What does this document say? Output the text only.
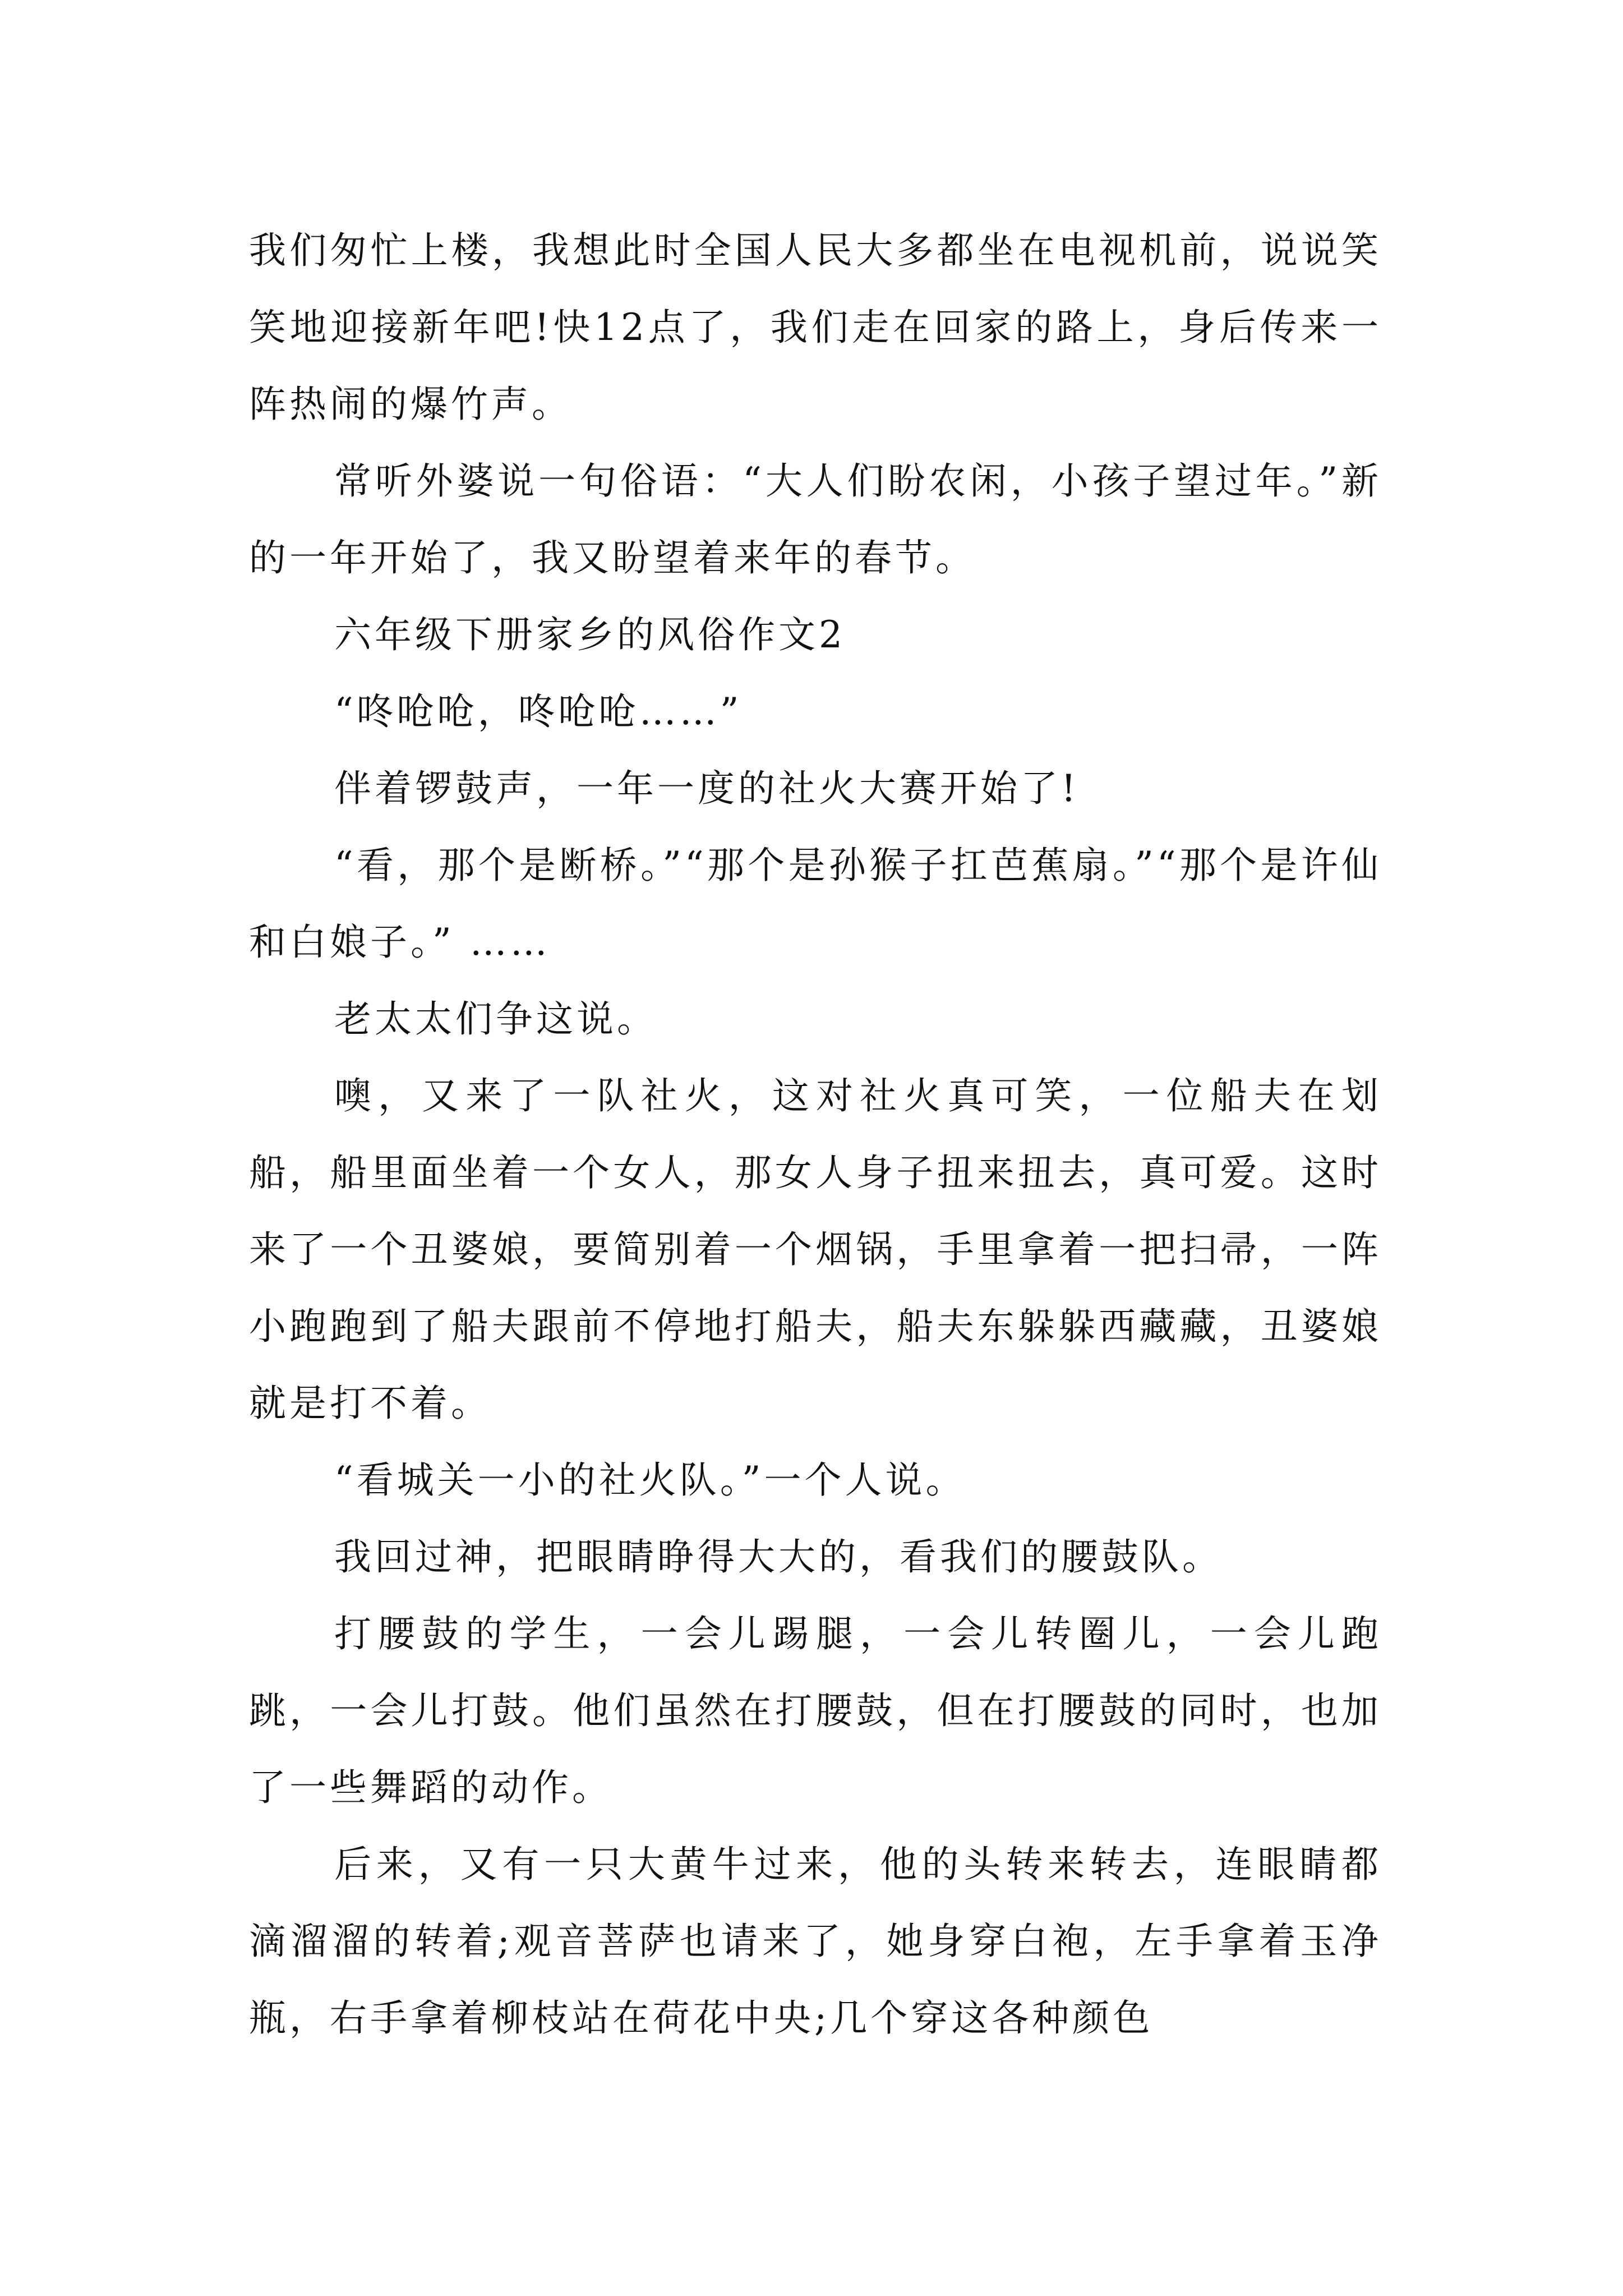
我们匆忙上楼，我想此时全国人民大多都坐在电视机前，说说笑笑地迎接新年吧!快12点了，我们走在回家的路上，身后传来一阵热闹的爆竹声。

常听外婆说一句俗语：“大人们盼农闲，小孩子望过年。”新的一年开始了，我又盼望着来年的春节。

六年级下册家乡的风俗作文2

“咚呛呛，咚呛呛……”

伴着锣鼓声，一年一度的社火大赛开始了!

“看，那个是断桥。”“那个是孙猴子扛芭蕉扇。”“那个是许仙和白娘子。” ……

老太太们争这说。

噢，又来了一队社火，这对社火真可笑，一位船夫在划船，船里面坐着一个女人，那女人身子扭来扭去，真可爱。这时来了一个丑婆娘，要简别着一个烟锅，手里拿着一把扫帚，一阵小跑跑到了船夫跟前不停地打船夫，船夫东躲躲西藏藏，丑婆娘就是打不着。

“看城关一小的社火队。”一个人说。

我回过神，把眼睛睁得大大的，看我们的腰鼓队。

打腰鼓的学生，一会儿踢腿，一会儿转圈儿，一会儿跑跳，一会儿打鼓。他们虽然在打腰鼓，但在打腰鼓的同时，也加了一些舞蹈的动作。

后来，又有一只大黄牛过来，他的头转来转去，连眼睛都滴溜溜的转着;观音菩萨也请来了，她身穿白袍，左手拿着玉净瓶，右手拿着柳枝站在荷花中央;几个穿这各种颜色
